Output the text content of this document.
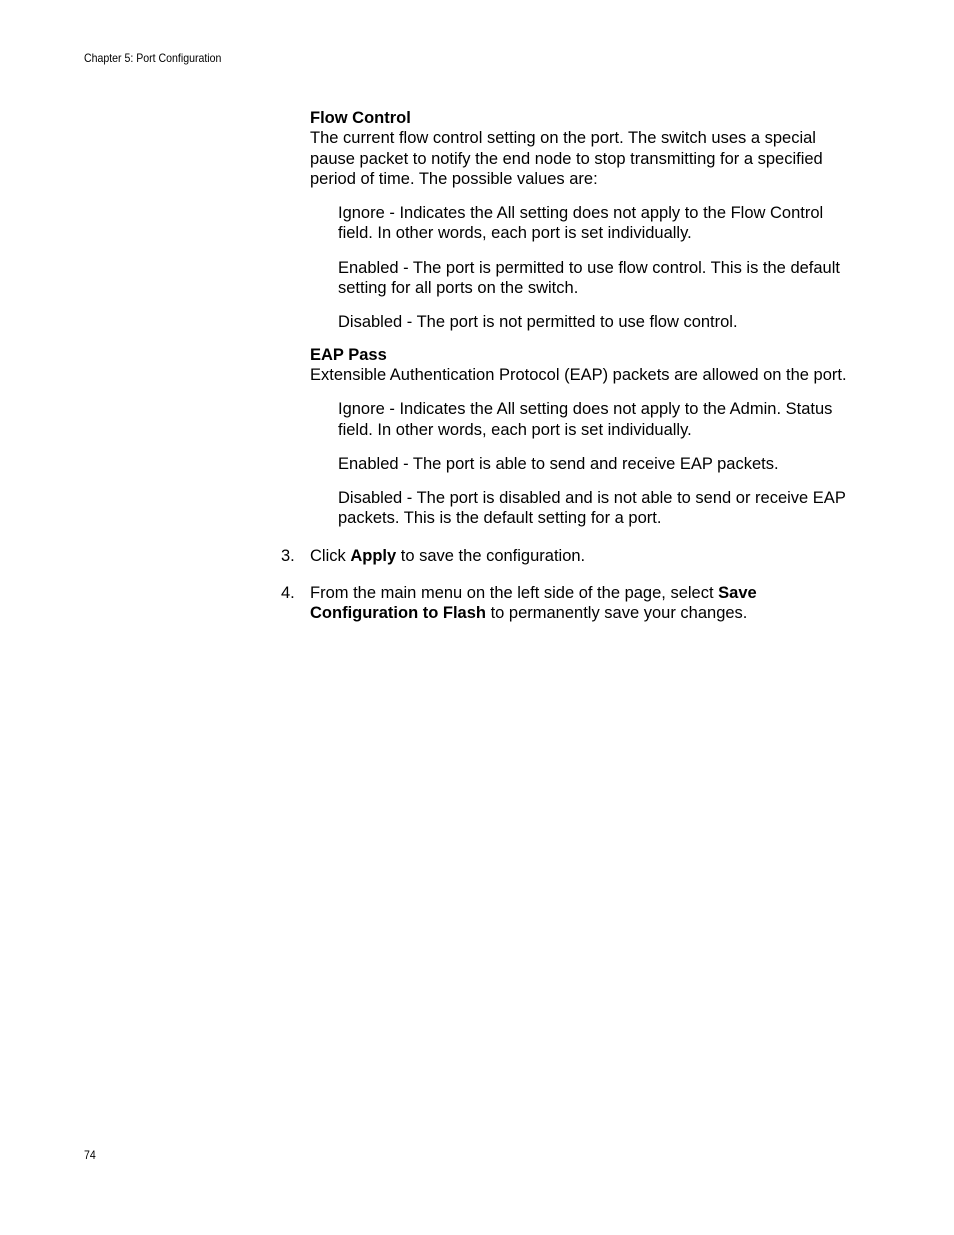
Chapter 5: Port Configuration

Flow Control

The current flow control setting on the port. The switch uses a special pause packet to notify the end node to stop transmitting for a specified period of time. The possible values are:

Ignore - Indicates the All setting does not apply to the Flow Control field. In other words, each port is set individually.

Enabled - The port is permitted to use flow control. This is the default setting for all ports on the switch.

Disabled - The port is not permitted to use flow control.

EAP Pass

Extensible Authentication Protocol (EAP) packets are allowed on the port.

Ignore - Indicates the All setting does not apply to the Admin. Status field. In other words, each port is set individually.

Enabled - The port is able to send and receive EAP packets.

Disabled - The port is disabled and is not able to send or receive EAP packets. This is the default setting for a port.

3. Click Apply to save the configuration.

4. From the main menu on the left side of the page, select Save Configuration to Flash to permanently save your changes.

74
